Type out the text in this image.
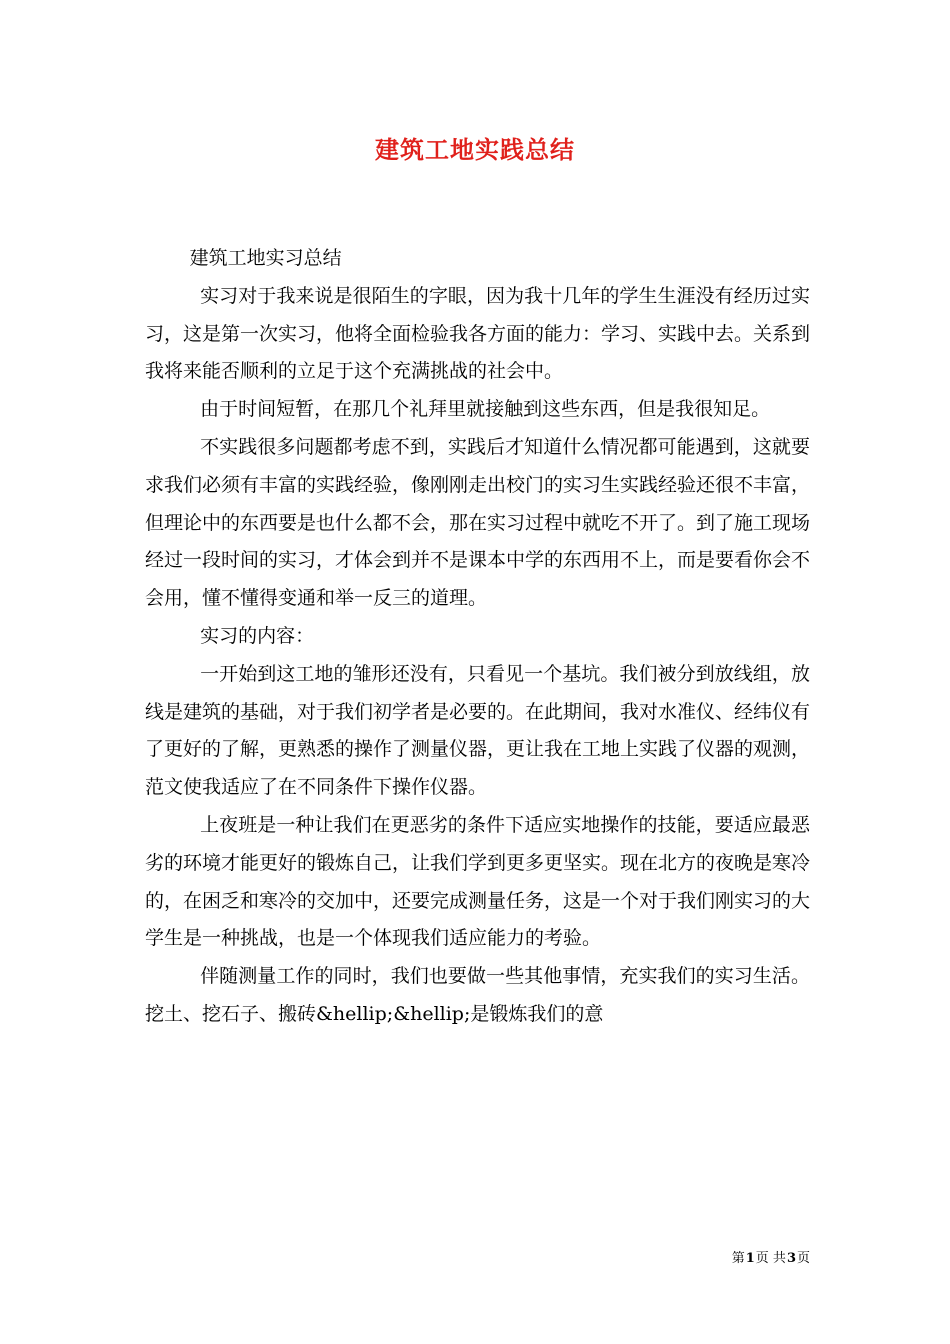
建筑工地实践总结

建筑工地实习总结

实习对于我来说是很陌生的字眼，因为我十几年的学生生涯没有经历过实习，这是第一次实习，他将全面检验我各方面的能力：学习、实践中去。关系到我将来能否顺利的立足于这个充满挑战的社会中。

由于时间短暂，在那几个礼拜里就接触到这些东西，但是我很知足。

不实践很多问题都考虑不到，实践后才知道什么情况都可能遇到，这就要求我们必须有丰富的实践经验，像刚刚走出校门的实习生实践经验还很不丰富，但理论中的东西要是也什么都不会，那在实习过程中就吃不开了。到了施工现场经过一段时间的实习，才体会到并不是课本中学的东西用不上，而是要看你会不会用，懂不懂得变通和举一反三的道理。

实习的内容：

一开始到这工地的雏形还没有，只看见一个基坑。我们被分到放线组，放线是建筑的基础，对于我们初学者是必要的。在此期间，我对水准仪、经纬仪有了更好的了解，更熟悉的操作了测量仪器，更让我在工地上实践了仪器的观测，范文使我适应了在不同条件下操作仪器。

上夜班是一种让我们在更恶劣的条件下适应实地操作的技能，要适应最恶劣的环境才能更好的锻炼自己，让我们学到更多更坚实。现在北方的夜晚是寒冷的，在困乏和寒冷的交加中，还要完成测量任务，这是一个对于我们刚实习的大学生是一种挑战，也是一个体现我们适应能力的考验。

伴随测量工作的同时，我们也要做一些其他事情，充实我们的实习生活。挖土、挖石子、搬砖&hellip;&hellip;是锻炼我们的意

第1页 共3页
